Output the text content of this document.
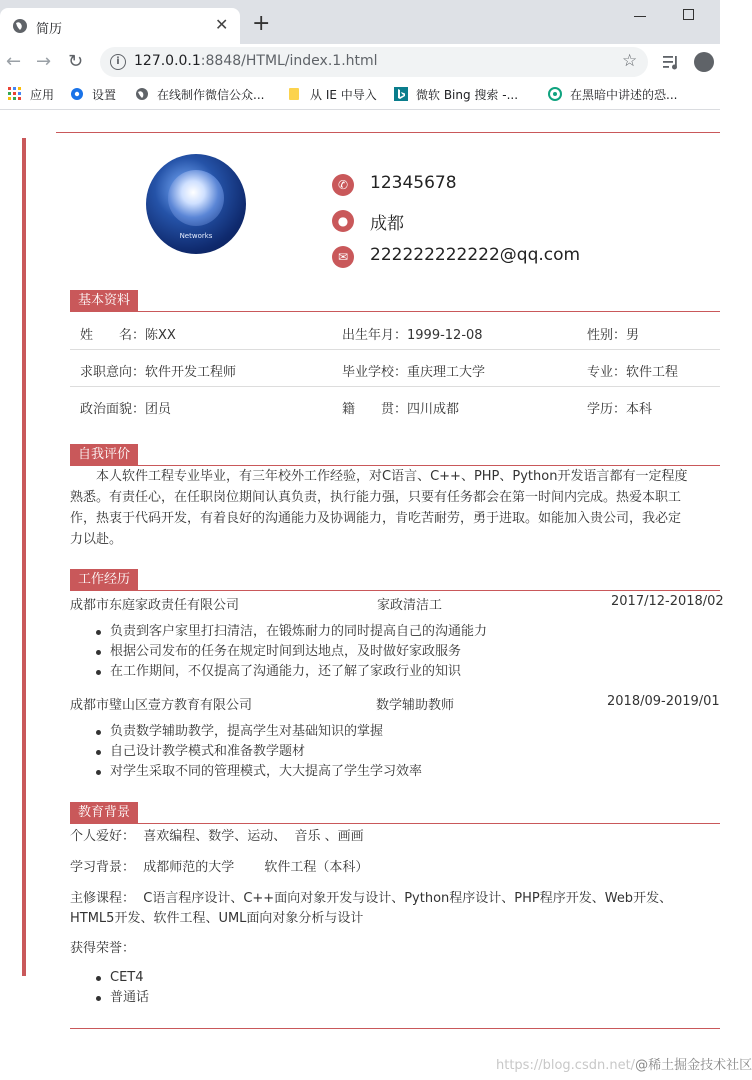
简历	✕ +
← → ↻	i	127.0.0.1:8848/HTML/index.1.html	☆
应用	设置	在线制作微信公众...	从 IE 中导入	微软 Bing 搜索 -...	在黑暗中讲述的恐...
Networks
✆	12345678
●	成都
✉	222222222222@qq.com
基本资料
姓　　名：陈XX	出生年月：1999-12-08	性别：男
求职意向：软件开发工程师	毕业学校：重庆理工大学	专业：软件工程
政治面貌：团员	籍　　贯：四川成都	学历：本科
自我评价
　　本人软件工程专业毕业，有三年校外工作经验，对C语言、C++、PHP、Python开发语言都有一定程度
熟悉。有责任心，在任职岗位期间认真负责，执行能力强，只要有任务都会在第一时间内完成。热爱本职工
作，热衷于代码开发，有着良好的沟通能力及协调能力，肯吃苦耐劳，勇于进取。如能加入贵公司，我必定
力以赴。
工作经历
成都市东庭家政责任有限公司	家政清洁工	2017/12-2018/02
负责到客户家里打扫清洁，在锻炼耐力的同时提高自己的沟通能力
根据公司发布的任务在规定时间到达地点，及时做好家政服务
在工作期间，不仅提高了沟通能力，还了解了家政行业的知识
成都市璧山区壹方教育有限公司	数学辅助教师	2018/09-2019/01
负责数学辅助教学，提高学生对基础知识的掌握
自己设计教学模式和准备教学题材
对学生采取不同的管理模式，大大提高了学生学习效率
教育背景
个人爱好：  喜欢编程、数学、运动、  音乐 、画画
学习背景：  成都师范的大学　　 软件工程（本科）
主修课程：  C语言程序设计、C++面向对象开发与设计、Python程序设计、PHP程序开发、Web开发、
HTML5开发、软件工程、UML面向对象分析与设计
获得荣誉：
CET4
普通话
https://blog.csdn.net/@稀土掘金技术社区
